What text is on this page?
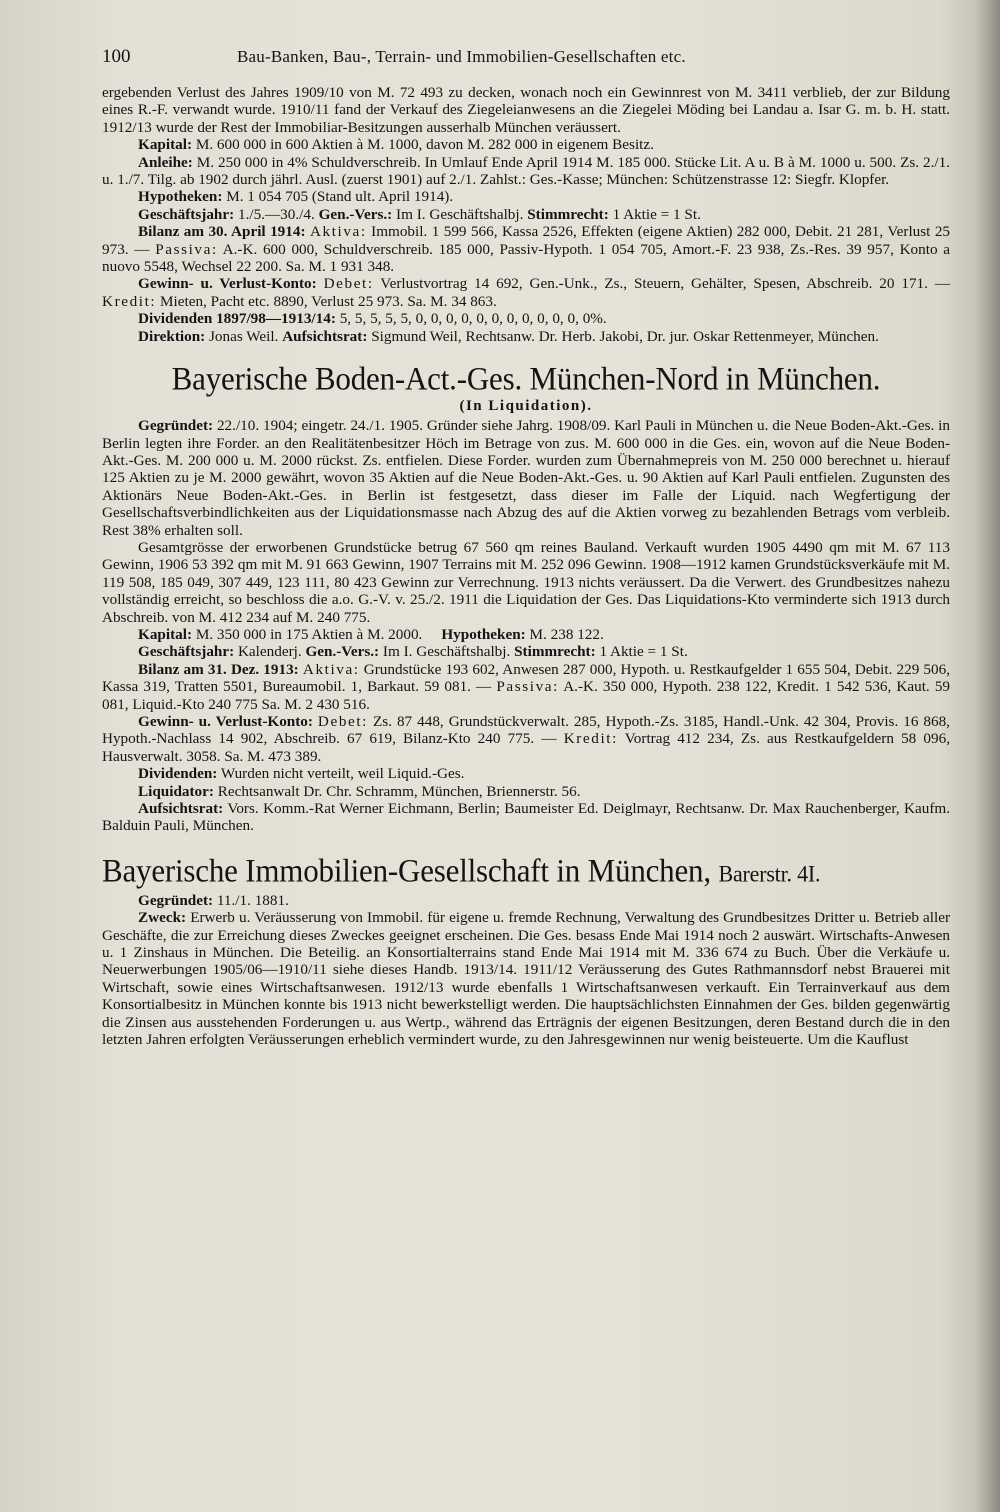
100	Bau-Banken, Bau-, Terrain- und Immobilien-Gesellschaften etc.

ergebenden Verlust des Jahres 1909/10 von M. 72 493 zu decken, wonach noch ein Gewinnrest von M. 3411 verblieb, der zur Bildung eines R.-F. verwandt wurde. 1910/11 fand der Verkauf des Ziegeleianwesens an die Ziegelei Möding bei Landau a. Isar G. m. b. H. statt. 1912/13 wurde der Rest der Immobiliar-Besitzungen ausserhalb München veräussert.

Kapital: M. 600 000 in 600 Aktien à M. 1000, davon M. 282 000 in eigenem Besitz.

Anleihe: M. 250 000 in 4% Schuldverschreib. In Umlauf Ende April 1914 M. 185 000. Stücke Lit. A u. B à M. 1000 u. 500. Zs. 2./1. u. 1./7. Tilg. ab 1902 durch jährl. Ausl. (zuerst 1901) auf 2./1. Zahlst.: Ges.-Kasse; München: Schützenstrasse 12: Siegfr. Klopfer.

Hypotheken: M. 1 054 705 (Stand ult. April 1914).

Geschäftsjahr: 1./5.—30./4. Gen.-Vers.: Im I. Geschäftshalbj. Stimmrecht: 1 Aktie = 1 St.

Bilanz am 30. April 1914: Aktiva: Immobil. 1 599 566, Kassa 2526, Effekten (eigene Aktien) 282 000, Debit. 21 281, Verlust 25 973. — Passiva: A.-K. 600 000, Schuldverschreib. 185 000, Passiv-Hypoth. 1 054 705, Amort.-F. 23 938, Zs.-Res. 39 957, Konto a nuovo 5548, Wechsel 22 200. Sa. M. 1 931 348.

Gewinn- u. Verlust-Konto: Debet: Verlustvortrag 14 692, Gen.-Unk., Zs., Steuern, Gehälter, Spesen, Abschreib. 20 171. — Kredit: Mieten, Pacht etc. 8890, Verlust 25 973. Sa. M. 34 863.

Dividenden 1897/98—1913/14: 5, 5, 5, 5, 5, 0, 0, 0, 0, 0, 0, 0, 0, 0, 0, 0, 0%.

Direktion: Jonas Weil. Aufsichtsrat: Sigmund Weil, Rechtsanw. Dr. Herb. Jakobi, Dr. jur. Oskar Rettenmeyer, München.

Bayerische Boden-Act.-Ges. München-Nord in München.
(In Liquidation).

Gegründet: 22./10. 1904; eingetr. 24./1. 1905. Gründer siehe Jahrg. 1908/09. Karl Pauli in München u. die Neue Boden-Akt.-Ges. in Berlin legten ihre Forder. an den Realitätenbesitzer Höch im Betrage von zus. M. 600 000 in die Ges. ein, wovon auf die Neue Boden-Akt.-Ges. M. 200 000 u. M. 2000 rückst. Zs. entfielen. Diese Forder. wurden zum Übernahmepreis von M. 250 000 berechnet u. hierauf 125 Aktien zu je M. 2000 gewährt, wovon 35 Aktien auf die Neue Boden-Akt.-Ges. u. 90 Aktien auf Karl Pauli entfielen. Zugunsten des Aktionärs Neue Boden-Akt.-Ges. in Berlin ist festgesetzt, dass dieser im Falle der Liquid. nach Wegfertigung der Gesellschaftsverbindlichkeiten aus der Liquidationsmasse nach Abzug des auf die Aktien vorweg zu bezahlenden Betrags vom verbleib. Rest 38% erhalten soll.

Gesamtgrösse der erworbenen Grundstücke betrug 67 560 qm reines Bauland. Verkauft wurden 1905 4490 qm mit M. 67 113 Gewinn, 1906 53 392 qm mit M. 91 663 Gewinn, 1907 Terrains mit M. 252 096 Gewinn. 1908—1912 kamen Grundstücksverkäufe mit M. 119 508, 185 049, 307 449, 123 111, 80 423 Gewinn zur Verrechnung. 1913 nichts veräussert. Da die Verwert. des Grundbesitzes nahezu vollständig erreicht, so beschloss die a.o. G.-V. v. 25./2. 1911 die Liquidation der Ges. Das Liquidations-Kto verminderte sich 1913 durch Abschreib. von M. 412 234 auf M. 240 775.

Kapital: M. 350 000 in 175 Aktien à M. 2000. Hypotheken: M. 238 122.

Geschäftsjahr: Kalenderj. Gen.-Vers.: Im I. Geschäftshalbj. Stimmrecht: 1 Aktie = 1 St.

Bilanz am 31. Dez. 1913: Aktiva: Grundstücke 193 602, Anwesen 287 000, Hypoth. u. Restkaufgelder 1 655 504, Debit. 229 506, Kassa 319, Tratten 5501, Bureaumobil. 1, Barkaut. 59 081. — Passiva: A.-K. 350 000, Hypoth. 238 122, Kredit. 1 542 536, Kaut. 59 081, Liquid.-Kto 240 775 Sa. M. 2 430 516.

Gewinn- u. Verlust-Konto: Debet: Zs. 87 448, Grundstückverwalt. 285, Hypoth.-Zs. 3185, Handl.-Unk. 42 304, Provis. 16 868, Hypoth.-Nachlass 14 902, Abschreib. 67 619, Bilanz-Kto 240 775. — Kredit: Vortrag 412 234, Zs. aus Restkaufgeldern 58 096, Hausverwalt. 3058. Sa. M. 473 389.

Dividenden: Wurden nicht verteilt, weil Liquid.-Ges.

Liquidator: Rechtsanwalt Dr. Chr. Schramm, München, Briennerstr. 56.

Aufsichtsrat: Vors. Komm.-Rat Werner Eichmann, Berlin; Baumeister Ed. Deiglmayr, Rechtsanw. Dr. Max Rauchenberger, Kaufm. Balduin Pauli, München.

Bayerische Immobilien-Gesellschaft in München, Barerstr. 4I.

Gegründet: 11./1. 1881.

Zweck: Erwerb u. Veräusserung von Immobil. für eigene u. fremde Rechnung, Verwaltung des Grundbesitzes Dritter u. Betrieb aller Geschäfte, die zur Erreichung dieses Zweckes geeignet erscheinen. Die Ges. besass Ende Mai 1914 noch 2 auswärt. Wirtschafts-Anwesen u. 1 Zinshaus in München. Die Beteilig. an Konsortialterrains stand Ende Mai 1914 mit M. 336 674 zu Buch. Über die Verkäufe u. Neuerwerbungen 1905/06—1910/11 siehe dieses Handb. 1913/14. 1911/12 Veräusserung des Gutes Rathmannsdorf nebst Brauerei mit Wirtschaft, sowie eines Wirtschaftsanwesen. 1912/13 wurde ebenfalls 1 Wirtschaftsanwesen verkauft. Ein Terrainverkauf aus dem Konsortialbesitz in München konnte bis 1913 nicht bewerkstelligt werden. Die hauptsächlichsten Einnahmen der Ges. bilden gegenwärtig die Zinsen aus ausstehenden Forderungen u. aus Wertp., während das Erträgnis der eigenen Besitzungen, deren Bestand durch die in den letzten Jahren erfolgten Veräusserungen erheblich vermindert wurde, zu den Jahresgewinnen nur wenig beisteuerte. Um die Kauflust
